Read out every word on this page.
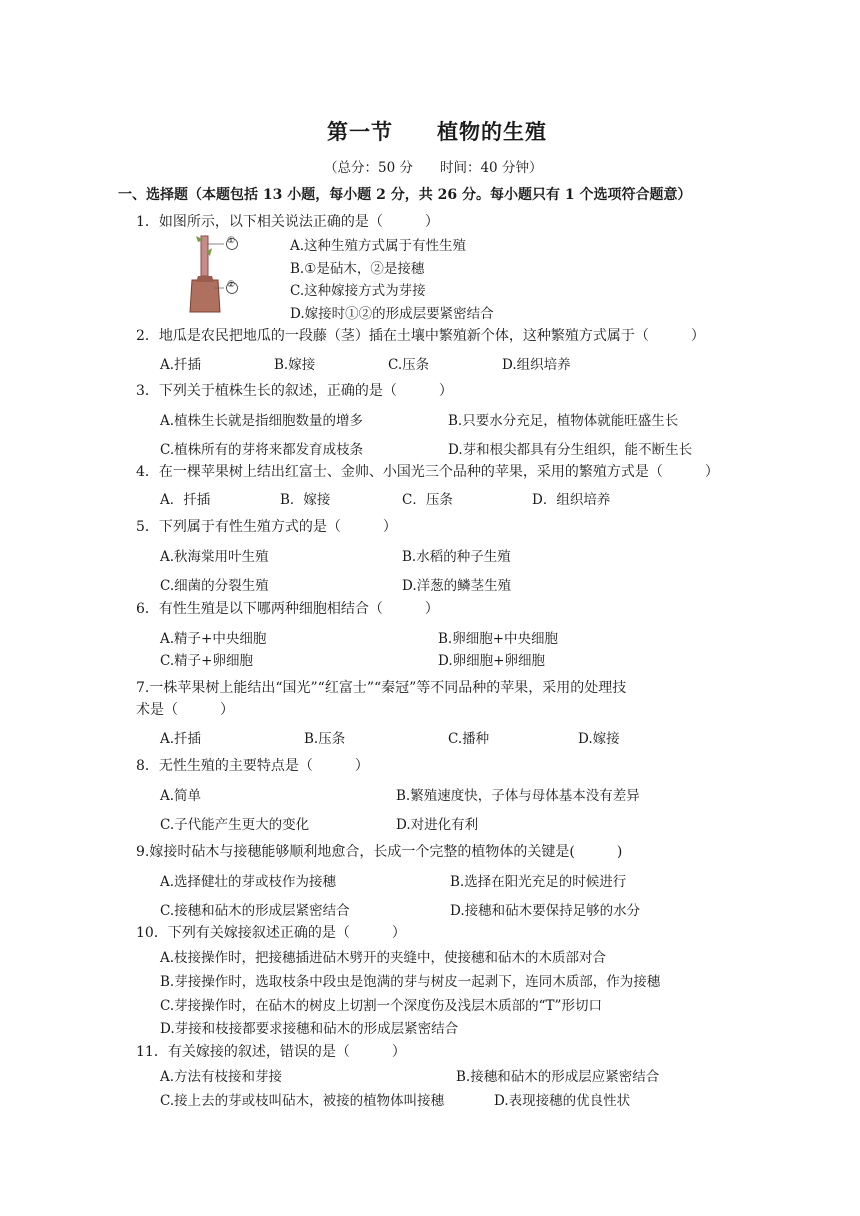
第一节　　植物的生殖
（总分：50 分　　时间：40 分钟）
一、选择题（本题包括 13 小题，每小题 2 分，共 26 分。每小题只有 1 个选项符合题意）
1．如图所示，以下相关说法正确的是（　　　）
①
②
A.这种生殖方式属于有性生殖
B.①是砧木，②是接穗
C.这种嫁接方式为芽接
D.嫁接时①②的形成层要紧密结合
2．地瓜是农民把地瓜的一段藤（茎）插在土壤中繁殖新个体，这种繁殖方式属于（　　　）
A.扦插	B.嫁接	C.压条	D.组织培养
3．下列关于植株生长的叙述，正确的是（　　　）
A.植株生长就是指细胞数量的增多	B.只要水分充足，植物体就能旺盛生长
C.植株所有的芽将来都发育成枝条	D.芽和根尖都具有分生组织，能不断生长
4．在一棵苹果树上结出红富士、金帅、小国光三个品种的苹果，采用的繁殖方式是（　　　）
A．扦插	B．嫁接	C．压条	D．组织培养
5．下列属于有性生殖方式的是（　　　）
A.秋海棠用叶生殖	B.水稻的种子生殖
C.细菌的分裂生殖	D.洋葱的鳞茎生殖
6．有性生殖是以下哪两种细胞相结合（　　　）
A.精子+中央细胞	B.卵细胞+中央细胞
C.精子+卵细胞	D.卵细胞+卵细胞
7.一株苹果树上能结出“国光”“红富士”“秦冠”等不同品种的苹果，采用的处理技
术是（　　　）
A.扦插	B.压条	C.播种	D.嫁接
8．无性生殖的主要特点是（　　　）
A.简单	B.繁殖速度快，子体与母体基本没有差异
C.子代能产生更大的变化	D.对进化有利
9.嫁接时砧木与接穗能够顺利地愈合，长成一个完整的植物体的关键是(　　　)
A.选择健壮的芽或枝作为接穗	B.选择在阳光充足的时候进行
C.接穗和砧木的形成层紧密结合	D.接穗和砧木要保持足够的水分
10．下列有关嫁接叙述正确的是（　　　）
A.枝接操作时，把接穗插进砧木劈开的夹缝中，使接穗和砧木的木质部对合
B.芽接操作时，选取枝条中段虫是饱满的芽与树皮一起剥下，连同木质部，作为接穗
C.芽接操作时，在砧木的树皮上切割一个深度伤及浅层木质部的“T”形切口
D.芽接和枝接都要求接穗和砧木的形成层紧密结合
11．有关嫁接的叙述，错误的是（　　　）
A.方法有枝接和芽接	B.接穗和砧木的形成层应紧密结合
C.接上去的芽或枝叫砧木，被接的植物体叫接穗	D.表现接穗的优良性状
